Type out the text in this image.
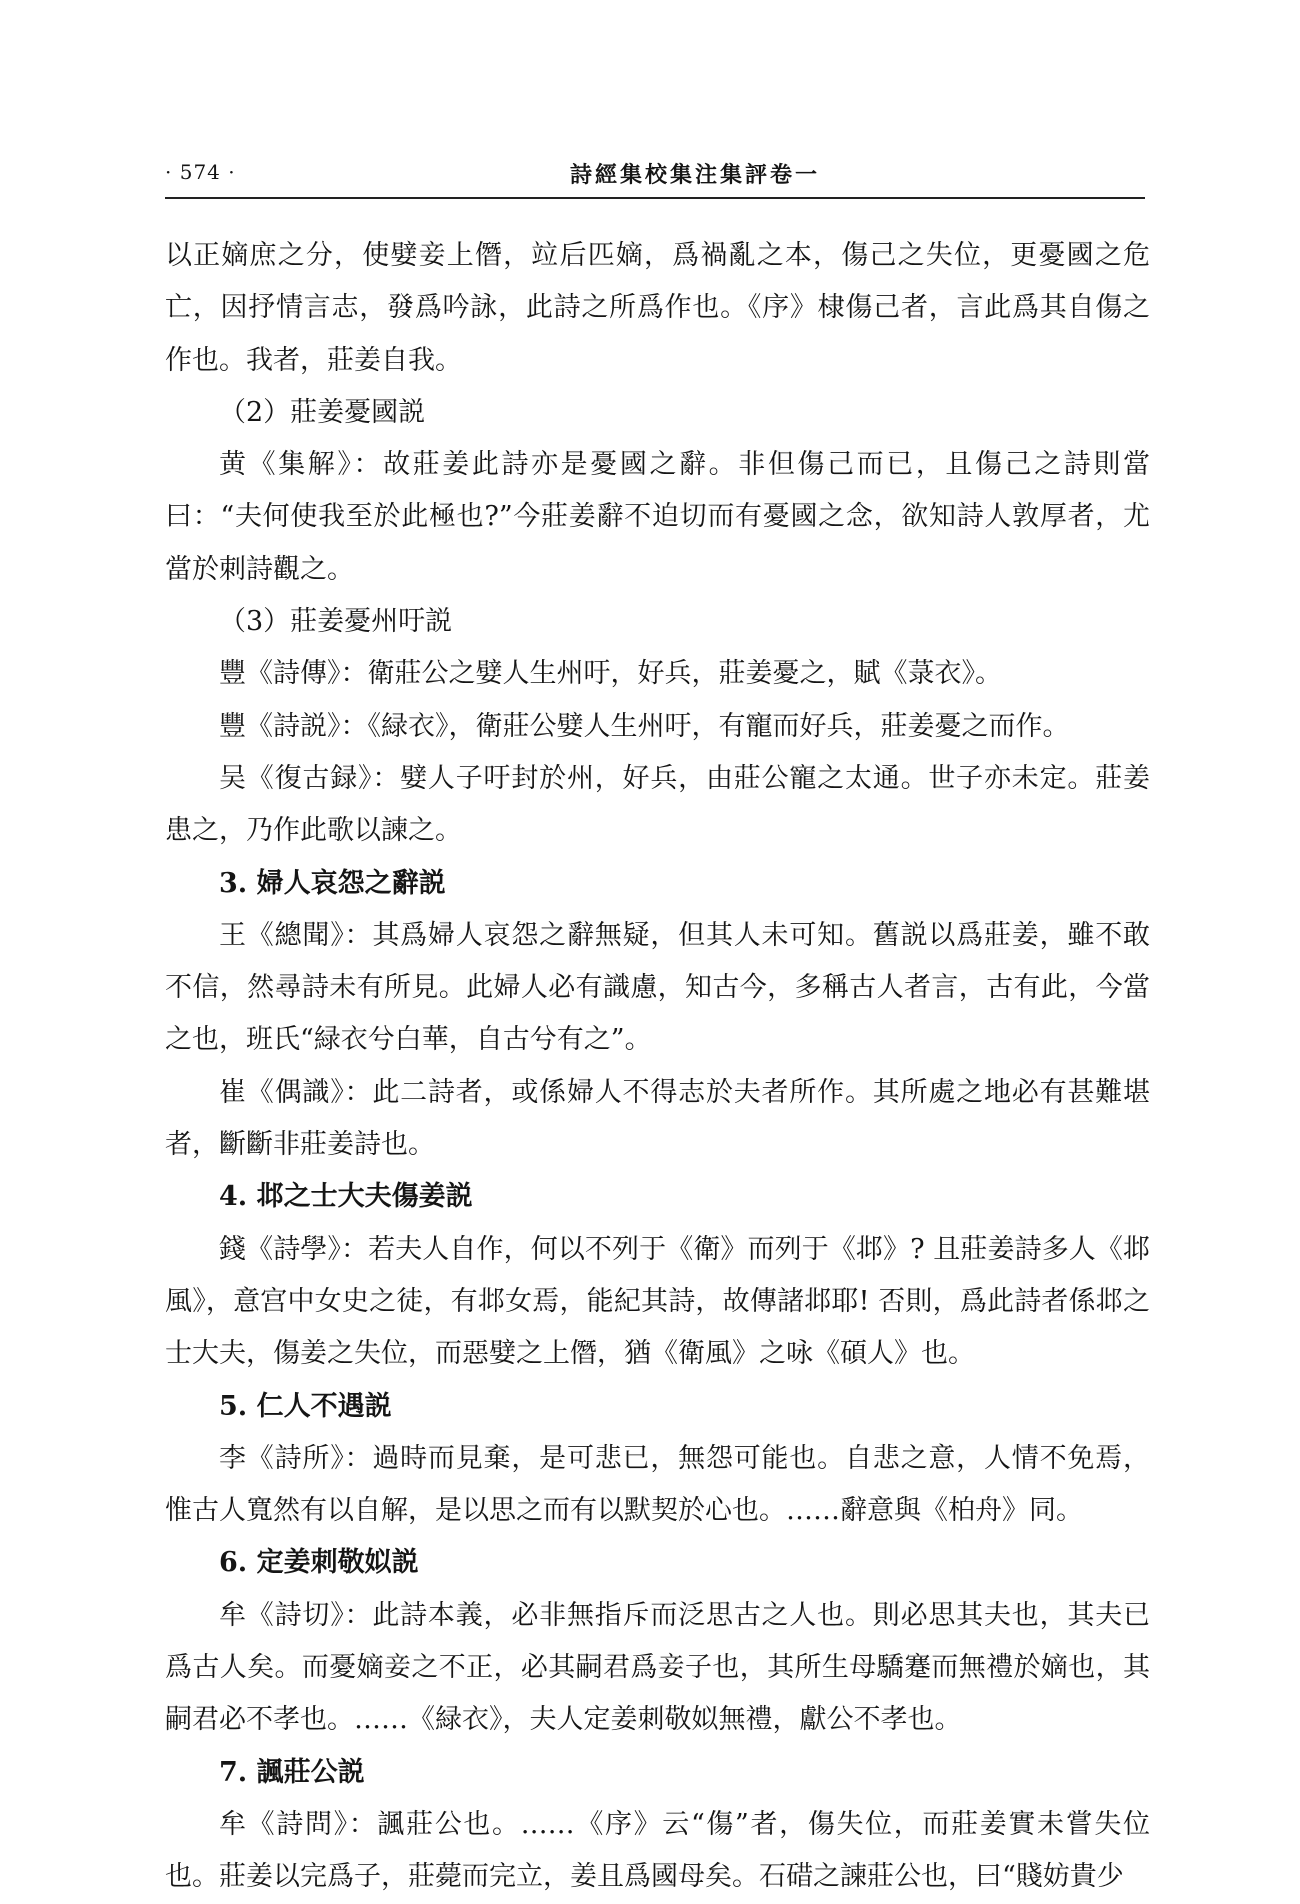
· 574 ·	詩經集校集注集評卷一

以正嫡庶之分，使嬖妾上僭，竝后匹嫡，爲禍亂之本，傷己之失位，更憂國之危亡，因抒情言志，發爲吟詠，此詩之所爲作也。《序》棣傷己者，言此爲其自傷之作也。我者，莊姜自我。

（2）莊姜憂國説

黄《集解》：故莊姜此詩亦是憂國之辭。非但傷己而已，且傷己之詩則當曰：“夫何使我至於此極也?”今莊姜辭不迫切而有憂國之念，欲知詩人敦厚者，尤當於刺詩觀之。

（3）莊姜憂州吁説

豐《詩傳》：衛莊公之嬖人生州吁，好兵，莊姜憂之，賦《菉衣》。

豐《詩説》：《緑衣》，衛莊公嬖人生州吁，有寵而好兵，莊姜憂之而作。

吴《復古録》：嬖人子吁封於州，好兵，由莊公寵之太通。世子亦未定。莊姜患之，乃作此歌以諫之。

3. 婦人哀怨之辭説

王《總聞》：其爲婦人哀怨之辭無疑，但其人未可知。舊説以爲莊姜，雖不敢不信，然尋詩未有所見。此婦人必有識慮，知古今，多稱古人者言，古有此，今當之也，班氏“緑衣兮白華，自古兮有之”。

崔《偶識》：此二詩者，或係婦人不得志於夫者所作。其所處之地必有甚難堪者，斷斷非莊姜詩也。

4. 邶之士大夫傷姜説

錢《詩學》：若夫人自作，何以不列于《衛》而列于《邶》? 且莊姜詩多人《邶風》，意宫中女史之徒，有邶女焉，能紀其詩，故傳諸邶耶! 否則，爲此詩者係邶之士大夫，傷姜之失位，而惡嬖之上僭，猶《衛風》之咏《碩人》也。

5. 仁人不遇説

李《詩所》：過時而見棄，是可悲已，無怨可能也。自悲之意，人情不免焉，惟古人寬然有以自解，是以思之而有以默契於心也。……辭意與《柏舟》同。

6. 定姜刺敬姒説

牟《詩切》：此詩本義，必非無指斥而泛思古之人也。則必思其夫也，其夫已爲古人矣。而憂嫡妾之不正，必其嗣君爲妾子也，其所生母驕蹇而無禮於嫡也，其嗣君必不孝也。……《緑衣》，夫人定姜刺敬姒無禮，獻公不孝也。

7. 諷莊公説

牟《詩問》：諷莊公也。……《序》云“傷”者，傷失位，而莊姜實未嘗失位也。莊姜以完爲子，莊薨而完立，姜且爲國母矣。石碏之諫莊公也，曰“賤妨貴少
